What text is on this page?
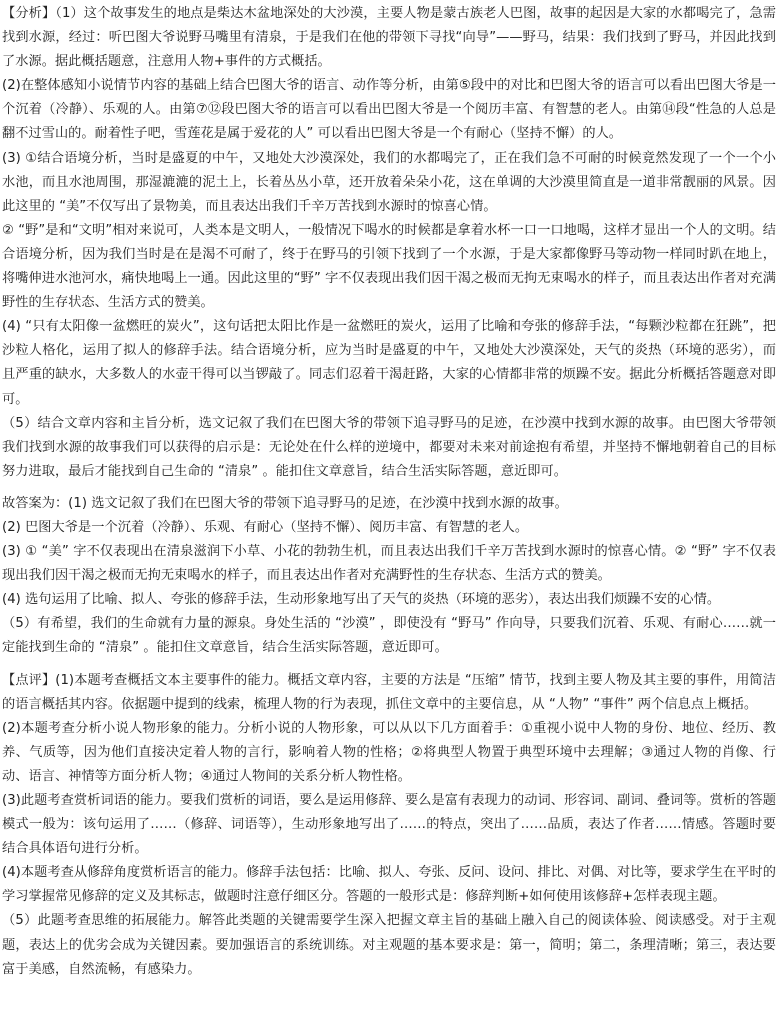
【分析】（1）这个故事发生的地点是柴达木盆地深处的大沙漠，主要人物是蒙古族老人巴图，故事的起因是大家的水都喝完了，急需找到水源，经过：听巴图大爷说野马嘴里有清泉，于是我们在他的带领下寻找“向导”——野马，结果：我们找到了野马，并因此找到了水源。据此概括题意，注意用人物+事件的方式概括。

(2)在整体感知小说情节内容的基础上结合巴图大爷的语言、动作等分析，由第⑤段中的对比和巴图大爷的语言可以看出巴图大爷是一个沉着（冷静）、乐观的人。由第⑦⑫段巴图大爷的语言可以看出巴图大爷是一个阅历丰富、有智慧的老人。由第⑭段“性急的人总是翻不过雪山的。耐着性子吧，雪莲花是属于爱花的人” 可以看出巴图大爷是一个有耐心（坚持不懈）的人。

(3) ①结合语境分析，当时是盛夏的中午，又地处大沙漠深处，我们的水都喝完了，正在我们急不可耐的时候竟然发现了一个一个小水池，而且水池周围，那湿漉漉的泥土上，长着丛丛小草，还开放着朵朵小花，这在单调的大沙漠里简直是一道非常靓丽的风景。因此这里的 “美”不仅写出了景物美，而且表达出我们千辛万苦找到水源时的惊喜心情。

② “野”是和“文明”相对来说可，人类本是文明人，一般情况下喝水的时候都是拿着水杯一口一口地喝，这样才显出一个人的文明。结合语境分析，因为我们当时是在是渴不可耐了，终于在野马的引领下找到了一个水源，于是大家都像野马等动物一样同时趴在地上，将嘴伸进水池河水，痛快地喝上一通。因此这里的“野” 字不仅表现出我们因干渴之极而无拘无束喝水的样子，而且表达出作者对充满野性的生存状态、生活方式的赞美。

(4) “只有太阳像一盆燃旺的炭火”，这句话把太阳比作是一盆燃旺的炭火，运用了比喻和夸张的修辞手法，“每颗沙粒都在狂跳”，把沙粒人格化，运用了拟人的修辞手法。结合语境分析，应为当时是盛夏的中午，又地处大沙漠深处，天气的炎热（环境的恶劣），而且严重的缺水，大多数人的水壶干得可以当锣敲了。同志们忍着干渴赶路，大家的心情都非常的烦躁不安。据此分析概括答题意对即可。

（5）结合文章内容和主旨分析，选文记叙了我们在巴图大爷的带领下追寻野马的足迹，在沙漠中找到水源的故事。由巴图大爷带领我们找到水源的故事我们可以获得的启示是：无论处在什么样的逆境中，都要对未来对前途抱有希望，并坚持不懈地朝着自己的目标努力进取，最后才能找到自己生命的 “清泉” 。能扣住文章意旨，结合生活实际答题，意近即可。

故答案为：(1) 选文记叙了我们在巴图大爷的带领下追寻野马的足迹，在沙漠中找到水源的故事。

(2) 巴图大爷是一个沉着（冷静）、乐观、有耐心（坚持不懈）、阅历丰富、有智慧的老人。

(3) ① “美” 字不仅表现出在清泉滋润下小草、小花的勃勃生机，而且表达出我们千辛万苦找到水源时的惊喜心情。② “野” 字不仅表现出我们因干渴之极而无拘无束喝水的样子，而且表达出作者对充满野性的生存状态、生活方式的赞美。

(4) 选句运用了比喻、拟人、夸张的修辞手法，生动形象地写出了天气的炎热（环境的恶劣），表达出我们烦躁不安的心情。

（5）有希望，我们的生命就有力量的源泉。身处生活的 “沙漠” ，即使没有 “野马” 作向导，只要我们沉着、乐观、有耐心……就一定能找到生命的 “清泉” 。能扣住文章意旨，结合生活实际答题，意近即可。

【点评】(1)本题考查概括文本主要事件的能力。概括文章内容，主要的方法是 “压缩” 情节，找到主要人物及其主要的事件，用简洁的语言概括其内容。依据题中提到的线索，梳理人物的行为表现，抓住文章中的主要信息，从 “人物” “事件” 两个信息点上概括。

(2)本题考查分析小说人物形象的能力。分析小说的人物形象，可以从以下几方面着手：①重视小说中人物的身份、地位、经历、教养、气质等，因为他们直接决定着人物的言行，影响着人物的性格；②将典型人物置于典型环境中去理解；③通过人物的肖像、行动、语言、神情等方面分析人物；④通过人物间的关系分析人物性格。

(3)此题考查赏析词语的能力。要我们赏析的词语，要么是运用修辞、要么是富有表现力的动词、形容词、副词、叠词等。赏析的答题模式一般为：该句运用了……（修辞、词语等），生动形象地写出了……的特点，突出了……品质，表达了作者……情感。答题时要结合具体语句进行分析。

(4)本题考查从修辞角度赏析语言的能力。修辞手法包括：比喻、拟人、夸张、反问、设问、排比、对偶、对比等，要求学生在平时的学习掌握常见修辞的定义及其标志，做题时注意仔细区分。答题的一般形式是：修辞判断+如何使用该修辞+怎样表现主题。

（5）此题考查思维的拓展能力。解答此类题的关键需要学生深入把握文章主旨的基础上融入自己的阅读体验、阅读感受。对于主观题，表达上的优劣会成为关键因素。要加强语言的系统训练。对主观题的基本要求是：第一，简明；第二，条理清晰；第三，表达要富于美感，自然流畅，有感染力。
